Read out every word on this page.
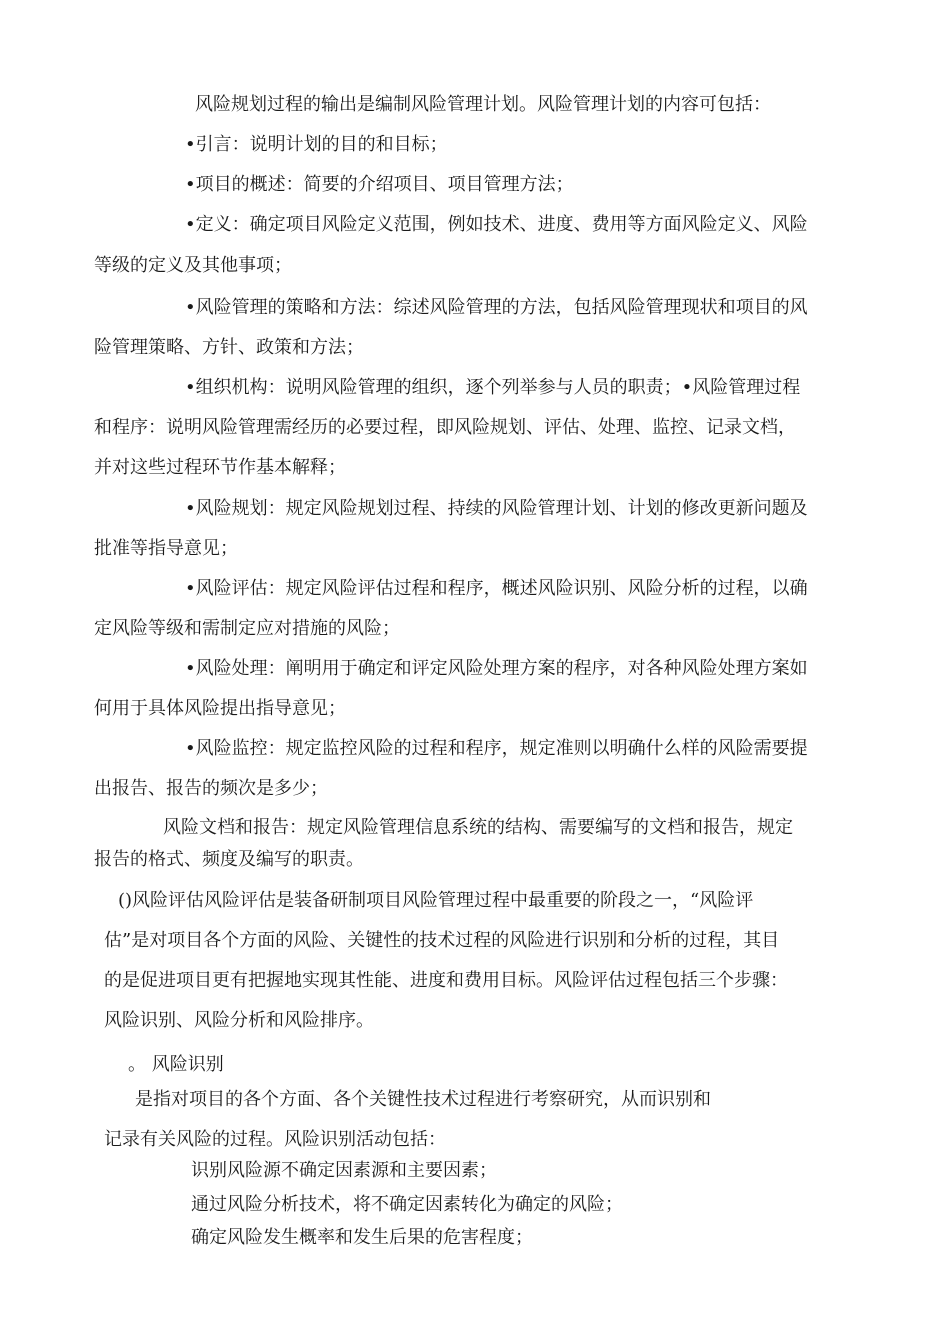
风险规划过程的输出是编制风险管理计划。风险管理计划的内容可包括：
•引言：说明计划的目的和目标；
•项目的概述：简要的介绍项目、项目管理方法；
•定义：确定项目风险定义范围，例如技术、进度、费用等方面风险定义、风险
等级的定义及其他事项；
•风险管理的策略和方法：综述风险管理的方法，包括风险管理现状和项目的风
险管理策略、方针、政策和方法；
•组织机构：说明风险管理的组织，逐个列举参与人员的职责；•风险管理过程
和程序：说明风险管理需经历的必要过程，即风险规划、评估、处理、监控、记录文档，
并对这些过程环节作基本解释；
•风险规划：规定风险规划过程、持续的风险管理计划、计划的修改更新问题及
批准等指导意见；
•风险评估：规定风险评估过程和程序，概述风险识别、风险分析的过程，以确
定风险等级和需制定应对措施的风险；
•风险处理：阐明用于确定和评定风险处理方案的程序，对各种风险处理方案如
何用于具体风险提出指导意见；
•风险监控：规定监控风险的过程和程序，规定准则以明确什么样的风险需要提
出报告、报告的频次是多少；
风险文档和报告：规定风险管理信息系统的结构、需要编写的文档和报告，规定
报告的格式、频度及编写的职责。
()风险评估风险评估是装备研制项目风险管理过程中最重要的阶段之一，“风险评
估”是对项目各个方面的风险、关键性的技术过程的风险进行识别和分析的过程，其目
的是促进项目更有把握地实现其性能、进度和费用目标。风险评估过程包括三个步骤：
风险识别、风险分析和风险排序。
。 风险识别
是指对项目的各个方面、各个关键性技术过程进行考察研究，从而识别和
记录有关风险的过程。风险识别活动包括：
识别风险源不确定因素源和主要因素；
通过风险分析技术，将不确定因素转化为确定的风险；
确定风险发生概率和发生后果的危害程度；
